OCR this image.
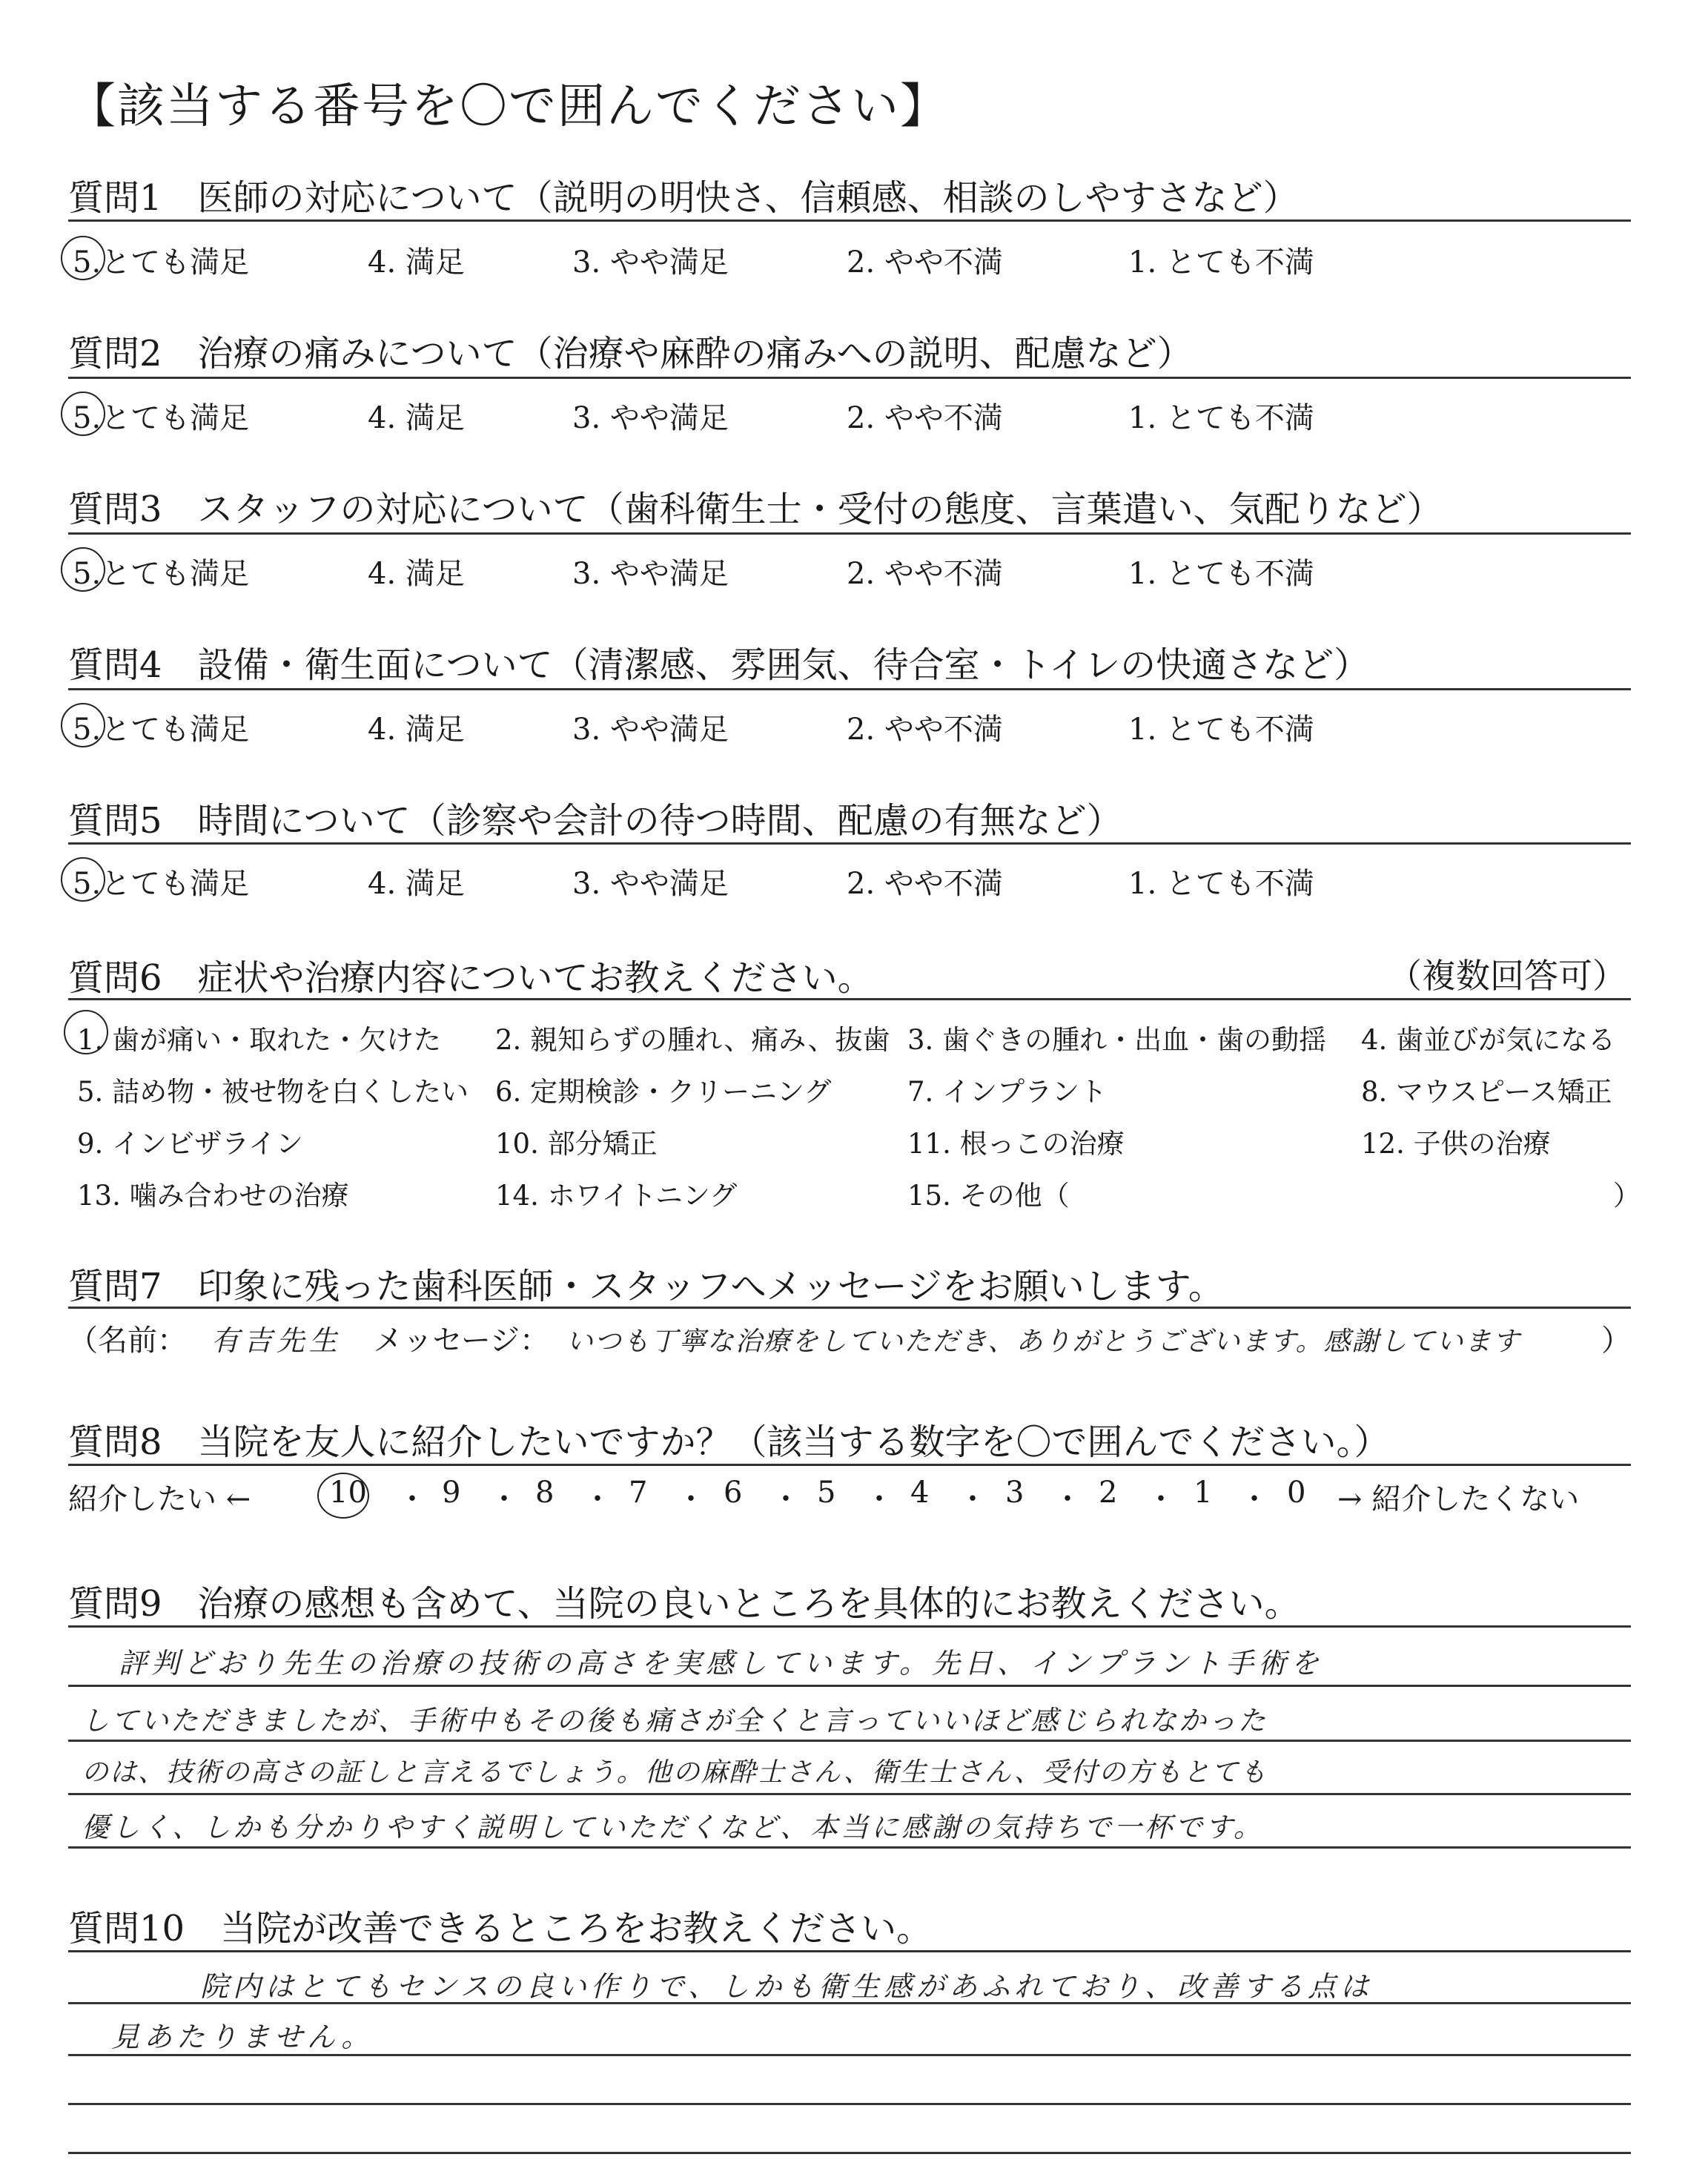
【該当する番号を〇で囲んでください】
質問1　医師の対応について（説明の明快さ、信頼感、相談のしやすさなど）
5.とても満足	4. 満足	3. やや満足	2. やや不満	1. とても不満
質問2　治療の痛みについて（治療や麻酔の痛みへの説明、配慮など）
5.とても満足	4. 満足	3. やや満足	2. やや不満	1. とても不満
質問3　スタッフの対応について（歯科衛生士・受付の態度、言葉遣い、気配りなど）
5.とても満足	4. 満足	3. やや満足	2. やや不満	1. とても不満
質問4　設備・衛生面について（清潔感、雰囲気、待合室・トイレの快適さなど）
5.とても満足	4. 満足	3. やや満足	2. やや不満	1. とても不満
質問5　時間について（診察や会計の待つ時間、配慮の有無など）
5.とても満足	4. 満足	3. やや満足	2. やや不満	1. とても不満
質問6　症状や治療内容についてお教えください。	（複数回答可）
1. 歯が痛い・取れた・欠けた 2. 親知らずの腫れ、痛み、抜歯 3. 歯ぐきの腫れ・出血・歯の動揺 4. 歯並びが気になる
5. 詰め物・被せ物を白くしたい 6. 定期検診・クリーニング	7. インプラント	8. マウスピース矯正
9. インビザライン	10. 部分矯正	11. 根っこの治療	12. 子供の治療
13. 噛み合わせの治療	14. ホワイトニング	15. その他（	）
質問7　印象に残った歯科医師・スタッフへメッセージをお願いします。
（名前： 有吉先生 メッセージ： いつも丁寧な治療をしていただき、ありがとうございます。感謝しています	）
質問8　当院を友人に紹介したいですか？（該当する数字を〇で囲んでください。）
紹介したい ←	10 ・ 9 ・ 8 ・ 7 ・ 6 ・ 5 ・ 4 ・ 3 ・ 2 ・ 1 ・ 0 → 紹介したくない
質問9　治療の感想も含めて、当院の良いところを具体的にお教えください。
評判どおり先生の治療の技術の高さを実感しています。先日、インプラント手術を
していただきましたが、手術中もその後も痛さが全くと言っていいほど感じられなかった
のは、技術の高さの証しと言えるでしょう。他の麻酔士さん、衛生士さん、受付の方もとても
優しく、しかも分かりやすく説明していただくなど、本当に感謝の気持ちで一杯です。
質問10　当院が改善できるところをお教えください。
院内はとてもセンスの良い作りで、しかも衛生感があふれており、改善する点は
見あたりません。
